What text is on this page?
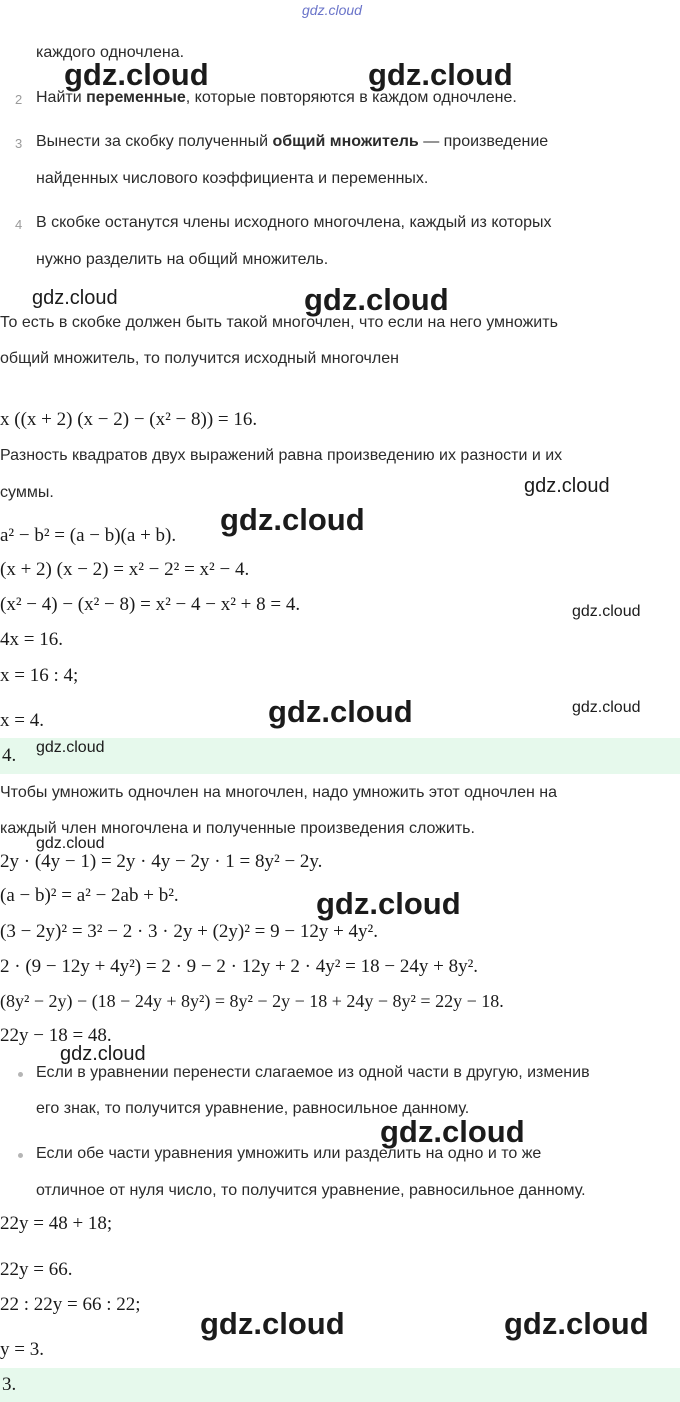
gdz.cloud
каждого одночлена.
2 Найти переменные, которые повторяются в каждом одночлене.
3 Вынести за скобку полученный общий множитель — произведение
найденных числового коэффициента и переменных.
4 В скобке останутся члены исходного многочлена, каждый из которых
нужно разделить на общий множитель.
То есть в скобке должен быть такой многочлен, что если на него умножить
общий множитель, то получится исходный многочлен
x ((x + 2) (x − 2) − (x² − 8)) = 16.
Разность квадратов двух выражений равна произведению их разности и их
суммы.
a² − b² = (a − b)(a + b).
(x + 2) (x − 2) = x² − 2² = x² − 4.
(x² − 4) − (x² − 8) = x² − 4 − x² + 8 = 4.
4x = 16.
x = 16 : 4;
x = 4.
4.
Чтобы умножить одночлен на многочлен, надо умножить этот одночлен на
каждый член многочлена и полученные произведения сложить.
2y · (4y − 1) = 2y · 4y − 2y · 1 = 8y² − 2y.
(a − b)² = a² − 2ab + b².
(3 − 2y)² = 3² − 2 · 3 · 2y + (2y)² = 9 − 12y + 4y².
2 · (9 − 12y + 4y²) = 2 · 9 − 2 · 12y + 2 · 4y² = 18 − 24y + 8y².
(8y² − 2y) − (18 − 24y + 8y²) = 8y² − 2y − 18 + 24y − 8y² = 22y − 18.
22y − 18 = 48.
Если в уравнении перенести слагаемое из одной части в другую, изменив
его знак, то получится уравнение, равносильное данному.
Если обе части уравнения умножить или разделить на одно и то же
отличное от нуля число, то получится уравнение, равносильное данному.
22y = 48 + 18;
22y = 66.
22 : 22y = 66 : 22;
y = 3.
3.
gdz.cloud	gdz.cloud
gdz.cloud	gdz.cloud
gdz.cloud
gdz.cloud
gdz.cloud
gdz.cloud	gdz.cloud
gdz.cloud
gdz.cloud
gdz.cloud
gdz.cloud
gdz.cloud
gdz.cloud	gdz.cloud
